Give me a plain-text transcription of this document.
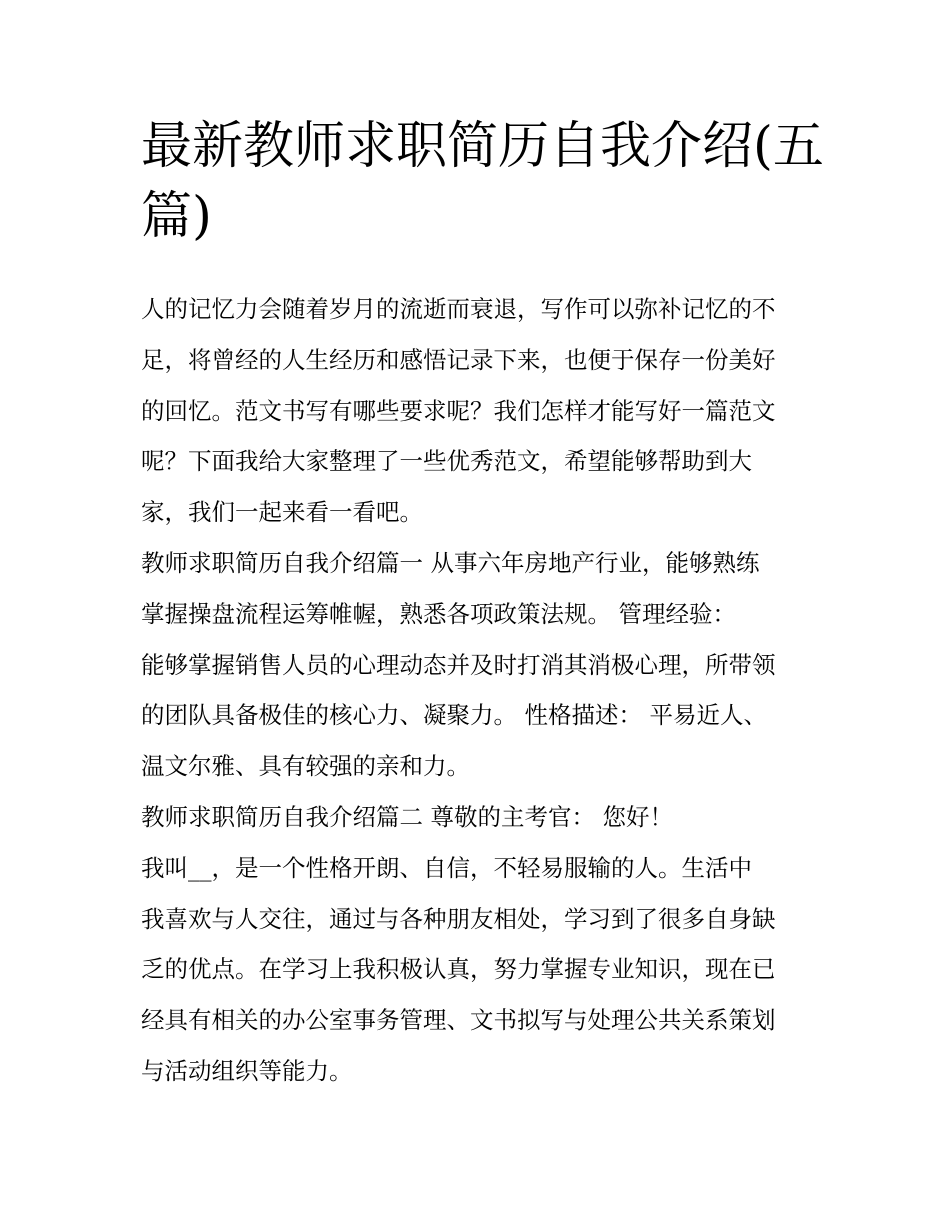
最新教师求职简历自我介绍(五
篇)
人的记忆力会随着岁月的流逝而衰退，写作可以弥补记忆的不
足，将曾经的人生经历和感悟记录下来，也便于保存一份美好
的回忆。范文书写有哪些要求呢？我们怎样才能写好一篇范文
呢？下面我给大家整理了一些优秀范文，希望能够帮助到大
家，我们一起来看一看吧。
教师求职简历自我介绍篇一 从事六年房地产行业，能够熟练
掌握操盘流程运筹帷幄，熟悉各项政策法规。 管理经验：
能够掌握销售人员的心理动态并及时打消其消极心理，所带领
的团队具备极佳的核心力、凝聚力。 性格描述： 平易近人、
温文尔雅、具有较强的亲和力。
教师求职简历自我介绍篇二 尊敬的主考官： 您好！
我叫__，是一个性格开朗、自信，不轻易服输的人。生活中
我喜欢与人交往，通过与各种朋友相处，学习到了很多自身缺
乏的优点。在学习上我积极认真，努力掌握专业知识，现在已
经具有相关的办公室事务管理、文书拟写与处理公共关系策划
与活动组织等能力。
